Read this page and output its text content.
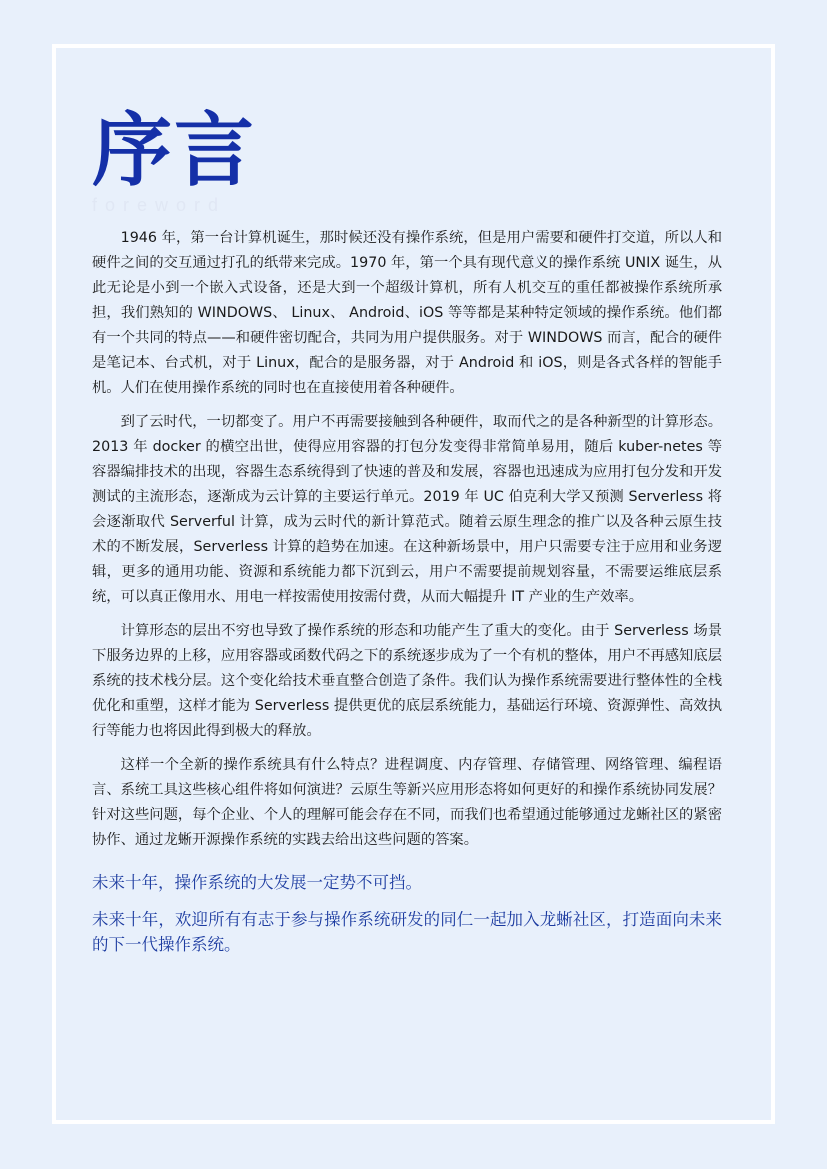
序言
foreword

1946 年，第一台计算机诞生，那时候还没有操作系统，但是用户需要和硬件打交道，所以人和硬件之间的交互通过打孔的纸带来完成。1970 年，第一个具有现代意义的操作系统 UNIX 诞生，从此无论是小到一个嵌入式设备，还是大到一个超级计算机，所有人机交互的重任都被操作系统所承担，我们熟知的 WINDOWS、 Linux、 Android、iOS 等等都是某种特定领域的操作系统。他们都有一个共同的特点——和硬件密切配合，共同为用户提供服务。对于 WINDOWS 而言，配合的硬件是笔记本、台式机，对于 Linux，配合的是服务器，对于 Android 和 iOS，则是各式各样的智能手机。人们在使用操作系统的同时也在直接使用着各种硬件。

到了云时代，一切都变了。用户不再需要接触到各种硬件，取而代之的是各种新型的计算形态。2013 年 docker 的横空出世，使得应用容器的打包分发变得非常简单易用，随后 kuber-netes 等容器编排技术的出现，容器生态系统得到了快速的普及和发展，容器也迅速成为应用打包分发和开发测试的主流形态，逐渐成为云计算的主要运行单元。2019 年 UC 伯克利大学又预测 Serverless 将会逐渐取代 Serverful 计算，成为云时代的新计算范式。随着云原生理念的推广以及各种云原生技术的不断发展，Serverless 计算的趋势在加速。在这种新场景中，用户只需要专注于应用和业务逻辑，更多的通用功能、资源和系统能力都下沉到云，用户不需要提前规划容量，不需要运维底层系统，可以真正像用水、用电一样按需使用按需付费，从而大幅提升 IT 产业的生产效率。

计算形态的层出不穷也导致了操作系统的形态和功能产生了重大的变化。由于 Serverless 场景下服务边界的上移，应用容器或函数代码之下的系统逐步成为了一个有机的整体，用户不再感知底层系统的技术栈分层。这个变化给技术垂直整合创造了条件。我们认为操作系统需要进行整体性的全栈优化和重塑，这样才能为 Serverless 提供更优的底层系统能力，基础运行环境、资源弹性、高效执行等能力也将因此得到极大的释放。

这样一个全新的操作系统具有什么特点？进程调度、内存管理、存储管理、网络管理、编程语言、系统工具这些核心组件将如何演进？云原生等新兴应用形态将如何更好的和操作系统协同发展？针对这些问题，每个企业、个人的理解可能会存在不同，而我们也希望通过能够通过龙蜥社区的紧密协作、通过龙蜥开源操作系统的实践去给出这些问题的答案。

未来十年，操作系统的大发展一定势不可挡。

未来十年，欢迎所有有志于参与操作系统研发的同仁一起加入龙蜥社区，打造面向未来的下一代操作系统。
